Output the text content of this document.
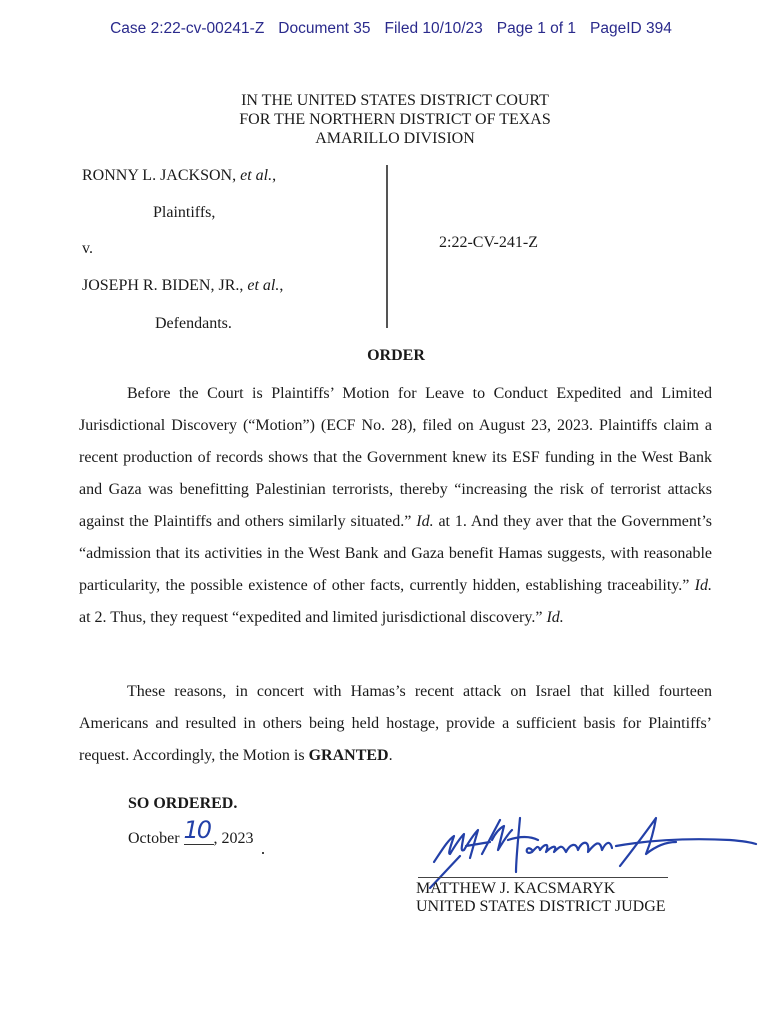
Case 2:22-cv-00241-Z Document 35 Filed 10/10/23 Page 1 of 1 PageID 394
IN THE UNITED STATES DISTRICT COURT
FOR THE NORTHERN DISTRICT OF TEXAS
AMARILLO DIVISION
RONNY L. JACKSON, et al.,
Plaintiffs,
v.
JOSEPH R. BIDEN, JR., et al.,
Defendants.
2:22-CV-241-Z
ORDER

Before the Court is Plaintiffs’ Motion for Leave to Conduct Expedited and Limited Jurisdictional Discovery (“Motion”) (ECF No. 28), filed on August 23, 2023. Plaintiffs claim a recent production of records shows that the Government knew its ESF funding in the West Bank and Gaza was benefitting Palestinian terrorists, thereby “increasing the risk of terrorist attacks against the Plaintiffs and others similarly situated.” Id. at 1. And they aver that the Government’s “admission that its activities in the West Bank and Gaza benefit Hamas suggests, with reasonable particularity, the possible existence of other facts, currently hidden, establishing traceability.” Id. at 2. Thus, they request “expedited and limited jurisdictional discovery.” Id.

These reasons, in concert with Hamas’s recent attack on Israel that killed fourteen Americans and resulted in others being held hostage, provide a sufficient basis for Plaintiffs’ request. Accordingly, the Motion is GRANTED.

SO ORDERED.
October 10 , 2023
MATTHEW J. KACSMARYK
UNITED STATES DISTRICT JUDGE
